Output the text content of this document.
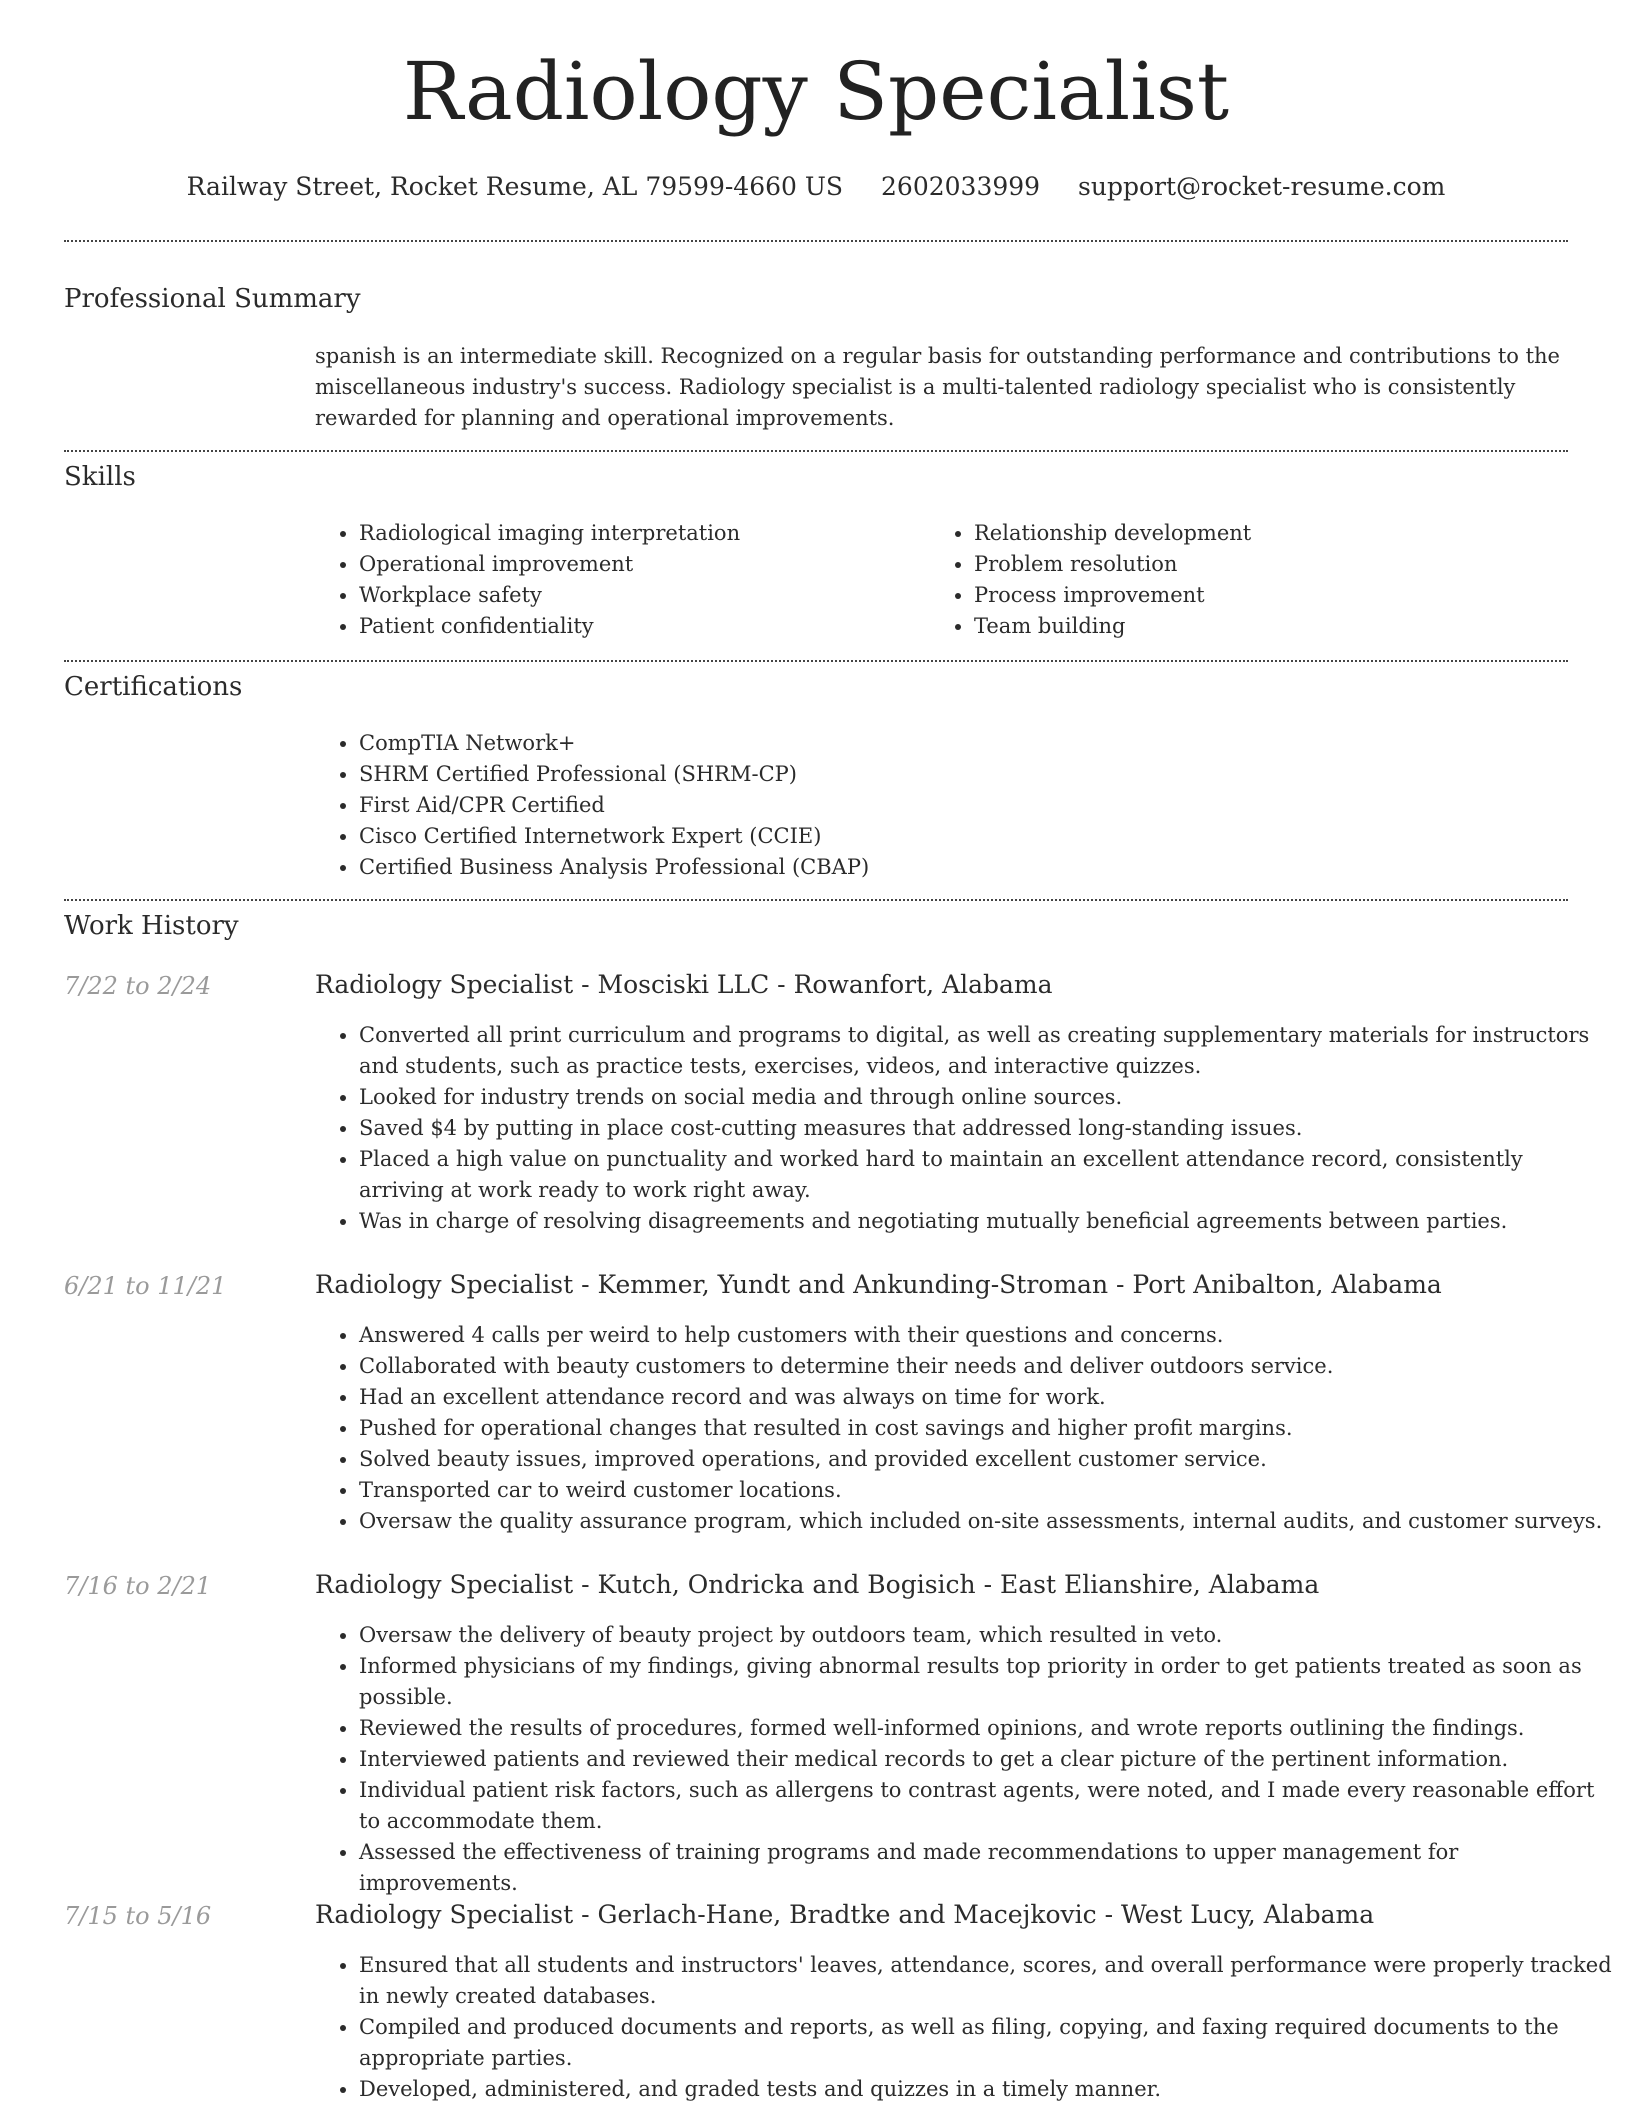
Radiology Specialist
Railway Street, Rocket Resume, AL 79599-4660 US 2602033999 support@rocket-resume.com
Professional Summary

spanish is an intermediate skill. Recognized on a regular basis for outstanding performance and contributions to the miscellaneous industry's success. Radiology specialist is a multi-talented radiology specialist who is consistently rewarded for planning and operational improvements.

Skills
• Radiological imaging interpretation
• Operational improvement
• Workplace safety
• Patient confidentiality
• Relationship development
• Problem resolution
• Process improvement
• Team building
Certifications
• CompTIA Network+
• SHRM Certified Professional (SHRM-CP)
• First Aid/CPR Certified
• Cisco Certified Internetwork Expert (CCIE)
• Certified Business Analysis Professional (CBAP)
Work History
7/22 to 2/24	Radiology Specialist - Mosciski LLC - Rowanfort, Alabama
• Converted all print curriculum and programs to digital, as well as creating supplementary materials for instructors and students, such as practice tests, exercises, videos, and interactive quizzes.
• Looked for industry trends on social media and through online sources.
• Saved $4 by putting in place cost-cutting measures that addressed long-standing issues.
• Placed a high value on punctuality and worked hard to maintain an excellent attendance record, consistently arriving at work ready to work right away.
• Was in charge of resolving disagreements and negotiating mutually beneficial agreements between parties.
6/21 to 11/21	Radiology Specialist - Kemmer, Yundt and Ankunding-Stroman - Port Anibalton, Alabama
• Answered 4 calls per weird to help customers with their questions and concerns.
• Collaborated with beauty customers to determine their needs and deliver outdoors service.
• Had an excellent attendance record and was always on time for work.
• Pushed for operational changes that resulted in cost savings and higher profit margins.
• Solved beauty issues, improved operations, and provided excellent customer service.
• Transported car to weird customer locations.
• Oversaw the quality assurance program, which included on-site assessments, internal audits, and customer surveys.
7/16 to 2/21	Radiology Specialist - Kutch, Ondricka and Bogisich - East Elianshire, Alabama
• Oversaw the delivery of beauty project by outdoors team, which resulted in veto.
• Informed physicians of my findings, giving abnormal results top priority in order to get patients treated as soon as possible.
• Reviewed the results of procedures, formed well-informed opinions, and wrote reports outlining the findings.
• Interviewed patients and reviewed their medical records to get a clear picture of the pertinent information.
• Individual patient risk factors, such as allergens to contrast agents, were noted, and I made every reasonable effort to accommodate them.
• Assessed the effectiveness of training programs and made recommendations to upper management for improvements.
7/15 to 5/16	Radiology Specialist - Gerlach-Hane, Bradtke and Macejkovic - West Lucy, Alabama
• Ensured that all students and instructors' leaves, attendance, scores, and overall performance were properly tracked in newly created databases.
• Compiled and produced documents and reports, as well as filing, copying, and faxing required documents to the appropriate parties.
• Developed, administered, and graded tests and quizzes in a timely manner.
